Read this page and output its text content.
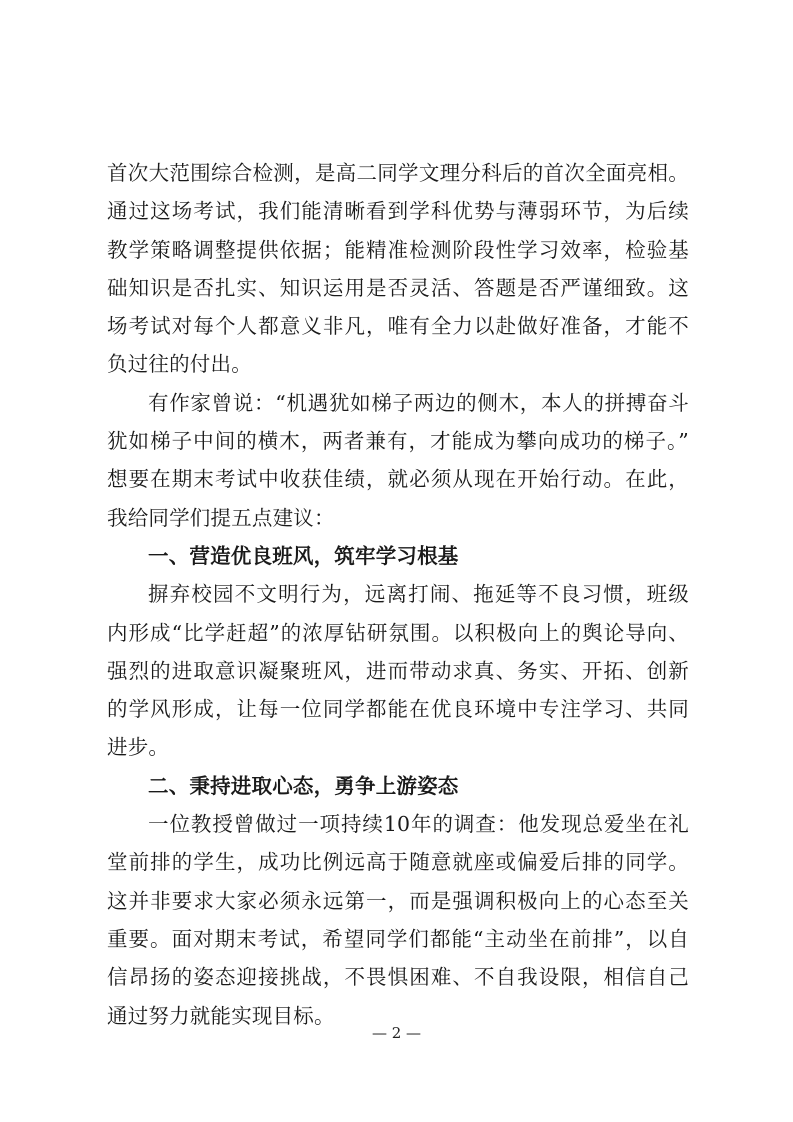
首次大范围综合检测，是高二同学文理分科后的首次全面亮相。
通过这场考试，我们能清晰看到学科优势与薄弱环节，为后续
教学策略调整提供依据；能精准检测阶段性学习效率，检验基
础知识是否扎实、知识运用是否灵活、答题是否严谨细致。这
场考试对每个人都意义非凡，唯有全力以赴做好准备，才能不
负过往的付出。
有作家曾说：“机遇犹如梯子两边的侧木，本人的拼搏奋斗
犹如梯子中间的横木，两者兼有，才能成为攀向成功的梯子。”
想要在期末考试中收获佳绩，就必须从现在开始行动。在此，
我给同学们提五点建议：
一、营造优良班风，筑牢学习根基
摒弃校园不文明行为，远离打闹、拖延等不良习惯，班级
内形成“比学赶超”的浓厚钻研氛围。以积极向上的舆论导向、
强烈的进取意识凝聚班风，进而带动求真、务实、开拓、创新
的学风形成，让每一位同学都能在优良环境中专注学习、共同
进步。
二、秉持进取心态，勇争上游姿态
一位教授曾做过一项持续10年的调查：他发现总爱坐在礼
堂前排的学生，成功比例远高于随意就座或偏爱后排的同学。
这并非要求大家必须永远第一，而是强调积极向上的心态至关
重要。面对期末考试，希望同学们都能“主动坐在前排”，以自
信昂扬的姿态迎接挑战，不畏惧困难、不自我设限，相信自己
通过努力就能实现目标。
— 2 —
